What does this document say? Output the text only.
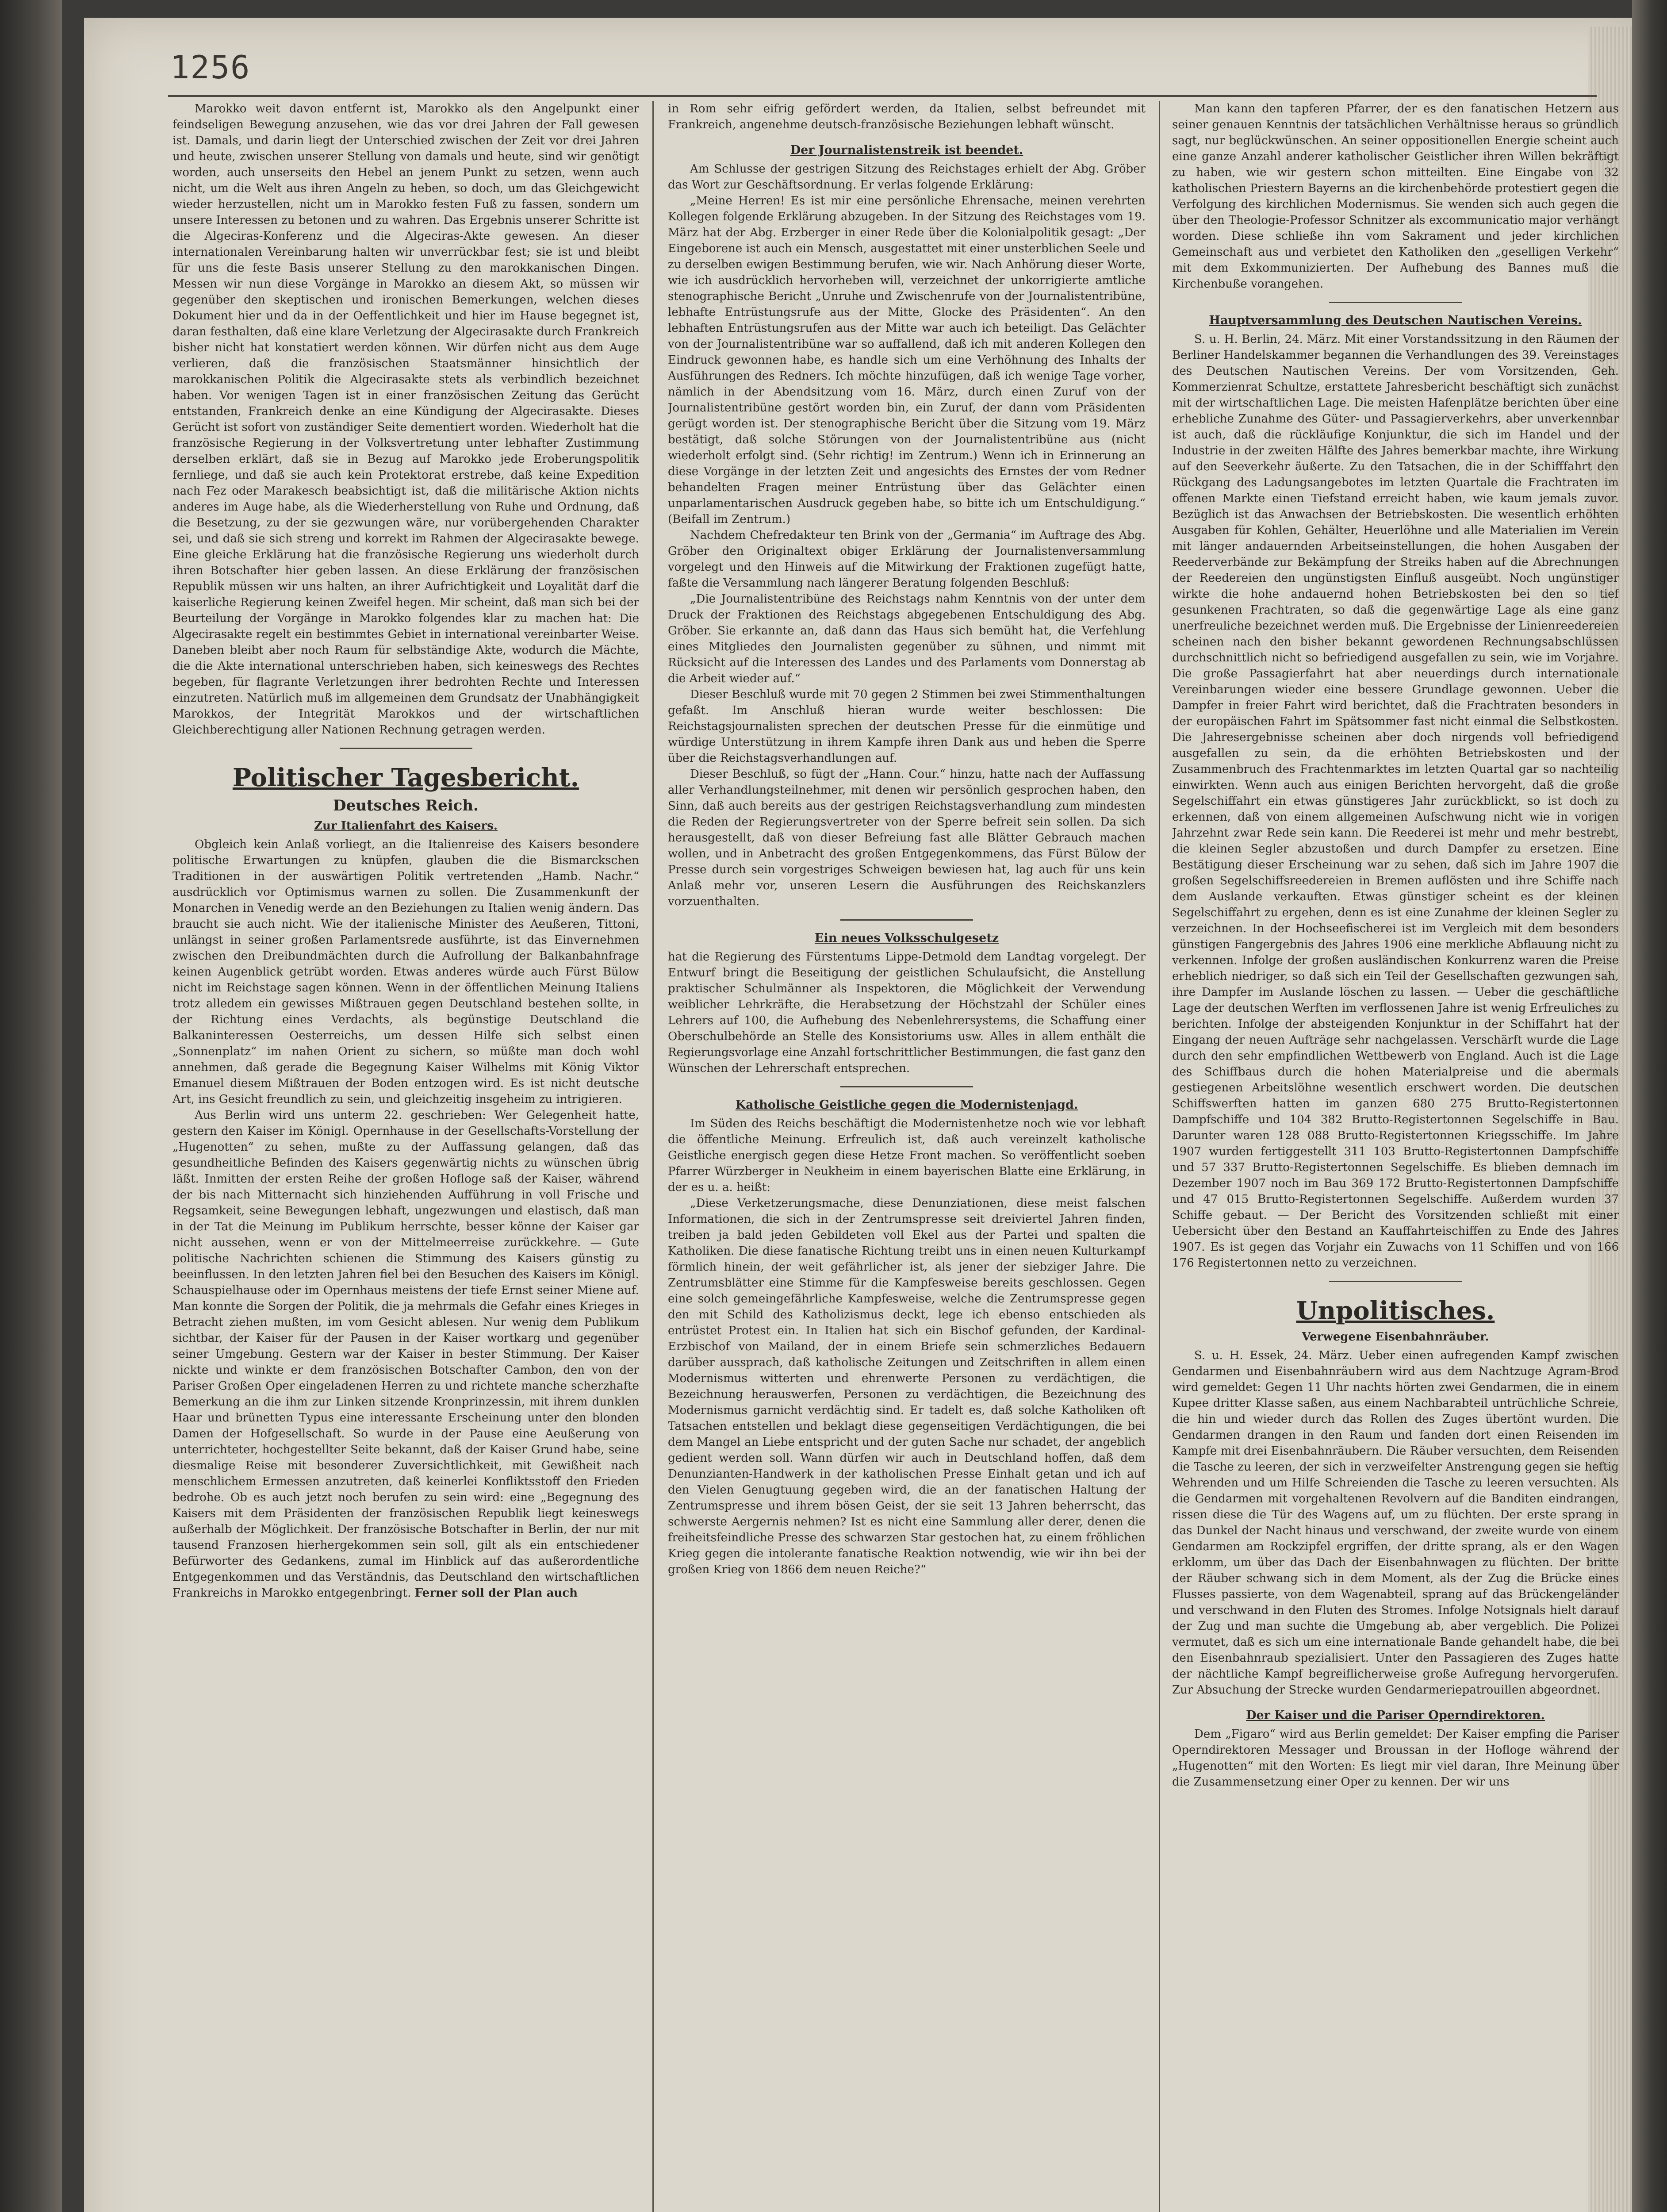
1256

Marokko weit davon entfernt ist, Marokko als den Angelpunkt einer feindseligen Bewegung anzusehen, wie das vor drei Jahren der Fall gewesen ist. Damals, und darin liegt der Unterschied zwischen der Zeit vor drei Jahren und heute, zwischen unserer Stellung von damals und heute, sind wir genötigt worden, auch unserseits den Hebel an jenem Punkt zu setzen, wenn auch nicht, um die Welt aus ihren Angeln zu heben, so doch, um das Gleichgewicht wieder herzustellen, nicht um in Marokko festen Fuß zu fassen, sondern um unsere Interessen zu betonen und zu wahren. Das Ergebnis unserer Schritte ist die Algeciras-Konferenz und die Algeciras-Akte gewesen. An dieser internationalen Vereinbarung halten wir unverrückbar fest; sie ist und bleibt für uns die feste Basis unserer Stellung zu den marokkanischen Dingen. Messen wir nun diese Vorgänge in Marokko an diesem Akt, so müssen wir gegenüber den skeptischen und ironischen Bemerkungen, welchen dieses Dokument hier und da in der Oeffentlichkeit und hier im Hause begegnet ist, daran festhalten, daß eine klare Verletzung der Algecirasakte durch Frankreich bisher nicht hat konstatiert werden können. Wir dürfen nicht aus dem Auge verlieren, daß die französischen Staatsmänner hinsichtlich der marokkanischen Politik die Algecirasakte stets als verbindlich bezeichnet haben. Vor wenigen Tagen ist in einer französischen Zeitung das Gerücht entstanden, Frankreich denke an eine Kündigung der Algecirasakte. Dieses Gerücht ist sofort von zuständiger Seite dementiert worden. Wiederholt hat die französische Regierung in der Volksvertretung unter lebhafter Zustimmung derselben erklärt, daß sie in Bezug auf Marokko jede Eroberungspolitik fernliege, und daß sie auch kein Protektorat erstrebe, daß keine Expedition nach Fez oder Marakesch beabsichtigt ist, daß die militärische Aktion nichts anderes im Auge habe, als die Wiederherstellung von Ruhe und Ordnung, daß die Besetzung, zu der sie gezwungen wäre, nur vorübergehenden Charakter sei, und daß sie sich streng und korrekt im Rahmen der Algecirasakte bewege. Eine gleiche Erklärung hat die französische Regierung uns wiederholt durch ihren Botschafter hier geben lassen. An diese Erklärung der französischen Republik müssen wir uns halten, an ihrer Aufrichtigkeit und Loyalität darf die kaiserliche Regierung keinen Zweifel hegen. Mir scheint, daß man sich bei der Beurteilung der Vorgänge in Marokko folgendes klar zu machen hat: Die Algecirasakte regelt ein bestimmtes Gebiet in international vereinbarter Weise. Daneben bleibt aber noch Raum für selbständige Akte, wodurch die Mächte, die die Akte international unterschrieben haben, sich keineswegs des Rechtes begeben, für flagrante Verletzungen ihrer bedrohten Rechte und Interessen einzutreten. Natürlich muß im allgemeinen dem Grundsatz der Unabhängigkeit Marokkos, der Integrität Marokkos und der wirtschaftlichen Gleichberechtigung aller Nationen Rechnung getragen werden.

Politischer Tagesbericht.
Deutsches Reich.
Zur Italienfahrt des Kaisers.

Obgleich kein Anlaß vorliegt, an die Italienreise des Kaisers besondere politische Erwartungen zu knüpfen, glauben die die Bismarckschen Traditionen in der auswärtigen Politik vertretenden „Hamb. Nachr.“ ausdrücklich vor Optimismus warnen zu sollen. Die Zusammenkunft der Monarchen in Venedig werde an den Beziehungen zu Italien wenig ändern. Das braucht sie auch nicht. Wie der italienische Minister des Aeußeren, Tittoni, unlängst in seiner großen Parlamentsrede ausführte, ist das Einvernehmen zwischen den Dreibundmächten durch die Aufrollung der Balkanbahnfrage keinen Augenblick getrübt worden. Etwas anderes würde auch Fürst Bülow nicht im Reichstage sagen können. Wenn in der öffentlichen Meinung Italiens trotz alledem ein gewisses Mißtrauen gegen Deutschland bestehen sollte, in der Richtung eines Verdachts, als begünstige Deutschland die Balkaninteressen Oesterreichs, um dessen Hilfe sich selbst einen „Sonnenplatz“ im nahen Orient zu sichern, so müßte man doch wohl annehmen, daß gerade die Begegnung Kaiser Wilhelms mit König Viktor Emanuel diesem Mißtrauen der Boden entzogen wird. Es ist nicht deutsche Art, ins Gesicht freundlich zu sein, und gleichzeitig insgeheim zu intrigieren.

Aus Berlin wird uns unterm 22. geschrieben: Wer Gelegenheit hatte, gestern den Kaiser im Königl. Opernhause in der Gesellschafts-Vorstellung der „Hugenotten“ zu sehen, mußte zu der Auffassung gelangen, daß das gesundheitliche Befinden des Kaisers gegenwärtig nichts zu wünschen übrig läßt. Inmitten der ersten Reihe der großen Hofloge saß der Kaiser, während der bis nach Mitternacht sich hinziehenden Aufführung in voll Frische und Regsamkeit, seine Bewegungen lebhaft, ungezwungen und elastisch, daß man in der Tat die Meinung im Publikum herrschte, besser könne der Kaiser gar nicht aussehen, wenn er von der Mittelmeerreise zurückkehre. — Gute politische Nachrichten schienen die Stimmung des Kaisers günstig zu beeinflussen. In den letzten Jahren fiel bei den Besuchen des Kaisers im Königl. Schauspielhause oder im Opernhaus meistens der tiefe Ernst seiner Miene auf. Man konnte die Sorgen der Politik, die ja mehrmals die Gefahr eines Krieges in Betracht ziehen mußten, im vom Gesicht ablesen. Nur wenig dem Publikum sichtbar, der Kaiser für der Pausen in der Kaiser wortkarg und gegenüber seiner Umgebung. Gestern war der Kaiser in bester Stimmung. Der Kaiser nickte und winkte er dem französischen Botschafter Cambon, den von der Pariser Großen Oper eingeladenen Herren zu und richtete manche scherzhafte Bemerkung an die ihm zur Linken sitzende Kronprinzessin, mit ihrem dunklen Haar und brünetten Typus eine interessante Erscheinung unter den blonden Damen der Hofgesellschaft. So wurde in der Pause eine Aeußerung von unterrichteter, hochgestellter Seite bekannt, daß der Kaiser Grund habe, seine diesmalige Reise mit besonderer Zuversichtlichkeit, mit Gewißheit nach menschlichem Ermessen anzutreten, daß keinerlei Konfliktsstoff den Frieden bedrohe. Ob es auch jetzt noch berufen zu sein wird: eine „Begegnung des Kaisers mit dem Präsidenten der französischen Republik liegt keineswegs außerhalb der Möglichkeit. Der französische Botschafter in Berlin, der nur mit tausend Franzosen hierhergekommen sein soll, gilt als ein entschiedener Befürworter des Gedankens, zumal im Hinblick auf das außerordentliche Entgegenkommen und das Verständnis, das Deutschland den wirtschaftlichen Frankreichs in Marokko entgegenbringt. Ferner soll der Plan auch

in Rom sehr eifrig gefördert werden, da Italien, selbst befreundet mit Frankreich, angenehme deutsch-französische Beziehungen lebhaft wünscht.

Der Journalistenstreik ist beendet.

Am Schlusse der gestrigen Sitzung des Reichstages erhielt der Abg. Gröber das Wort zur Geschäftsordnung. Er verlas folgende Erklärung:

„Meine Herren! Es ist mir eine persönliche Ehrensache, meinen verehrten Kollegen folgende Erklärung abzugeben. In der Sitzung des Reichstages vom 19. März hat der Abg. Erzberger in einer Rede über die Kolonialpolitik gesagt: „Der Eingeborene ist auch ein Mensch, ausgestattet mit einer unsterblichen Seele und zu derselben ewigen Bestimmung berufen, wie wir. Nach Anhörung dieser Worte, wie ich ausdrücklich hervorheben will, verzeichnet der unkorrigierte amtliche stenographische Bericht „Unruhe und Zwischenrufe von der Journalistentribüne, lebhafte Entrüstungsrufe aus der Mitte, Glocke des Präsidenten“. An den lebhaften Entrüstungsrufen aus der Mitte war auch ich beteiligt. Das Gelächter von der Journalistentribüne war so auffallend, daß ich mit anderen Kollegen den Eindruck gewonnen habe, es handle sich um eine Verhöhnung des Inhalts der Ausführungen des Redners. Ich möchte hinzufügen, daß ich wenige Tage vorher, nämlich in der Abendsitzung vom 16. März, durch einen Zuruf von der Journalistentribüne gestört worden bin, ein Zuruf, der dann vom Präsidenten gerügt worden ist. Der stenographische Bericht über die Sitzung vom 19. März bestätigt, daß solche Störungen von der Journalistentribüne aus (nicht wiederholt erfolgt sind. (Sehr richtig! im Zentrum.) Wenn ich in Erinnerung an diese Vorgänge in der letzten Zeit und angesichts des Ernstes der vom Redner behandelten Fragen meiner Entrüstung über das Gelächter einen unparlamentarischen Ausdruck gegeben habe, so bitte ich um Entschuldigung.“ (Beifall im Zentrum.)

Nachdem Chefredakteur ten Brink von der „Germania“ im Auftrage des Abg. Gröber den Originaltext obiger Erklärung der Journalistenversammlung vorgelegt und den Hinweis auf die Mitwirkung der Fraktionen zugefügt hatte, faßte die Versammlung nach längerer Beratung folgenden Beschluß:

„Die Journalistentribüne des Reichstags nahm Kenntnis von der unter dem Druck der Fraktionen des Reichstags abgegebenen Entschuldigung des Abg. Gröber. Sie erkannte an, daß dann das Haus sich bemüht hat, die Verfehlung eines Mitgliedes den Journalisten gegenüber zu sühnen, und nimmt mit Rücksicht auf die Interessen des Landes und des Parlaments vom Donnerstag ab die Arbeit wieder auf.“

Dieser Beschluß wurde mit 70 gegen 2 Stimmen bei zwei Stimmenthaltungen gefaßt. Im Anschluß hieran wurde weiter beschlossen: Die Reichstagsjournalisten sprechen der deutschen Presse für die einmütige und würdige Unterstützung in ihrem Kampfe ihren Dank aus und heben die Sperre über die Reichstagsverhandlungen auf.

Dieser Beschluß, so fügt der „Hann. Cour.“ hinzu, hatte nach der Auffassung aller Verhandlungsteilnehmer, mit denen wir persönlich gesprochen haben, den Sinn, daß auch bereits aus der gestrigen Reichstagsverhandlung zum mindesten die Reden der Regierungsvertreter von der Sperre befreit sein sollen. Da sich herausgestellt, daß von dieser Befreiung fast alle Blätter Gebrauch machen wollen, und in Anbetracht des großen Entgegenkommens, das Fürst Bülow der Presse durch sein vorgestriges Schweigen bewiesen hat, lag auch für uns kein Anlaß mehr vor, unseren Lesern die Ausführungen des Reichskanzlers vorzuenthalten.

Ein neues Volksschulgesetz

hat die Regierung des Fürstentums Lippe-Detmold dem Landtag vorgelegt. Der Entwurf bringt die Beseitigung der geistlichen Schulaufsicht, die Anstellung praktischer Schulmänner als Inspektoren, die Möglichkeit der Verwendung weiblicher Lehrkräfte, die Herabsetzung der Höchstzahl der Schüler eines Lehrers auf 100, die Aufhebung des Nebenlehrersystems, die Schaffung einer Oberschulbehörde an Stelle des Konsistoriums usw. Alles in allem enthält die Regierungsvorlage eine Anzahl fortschrittlicher Bestimmungen, die fast ganz den Wünschen der Lehrerschaft entsprechen.

Katholische Geistliche gegen die Modernistenjagd.

Im Süden des Reichs beschäftigt die Modernistenhetze noch wie vor lebhaft die öffentliche Meinung. Erfreulich ist, daß auch vereinzelt katholische Geistliche energisch gegen diese Hetze Front machen. So veröffentlicht soeben Pfarrer Würzberger in Neukheim in einem bayerischen Blatte eine Erklärung, in der es u. a. heißt:

„Diese Verketzerungsmache, diese Denunziationen, diese meist falschen Informationen, die sich in der Zentrumspresse seit dreiviertel Jahren finden, treiben ja bald jeden Gebildeten voll Ekel aus der Partei und spalten die Katholiken. Die diese fanatische Richtung treibt uns in einen neuen Kulturkampf förmlich hinein, der weit gefährlicher ist, als jener der siebziger Jahre. Die Zentrumsblätter eine Stimme für die Kampfesweise bereits geschlossen. Gegen eine solch gemeingefährliche Kampfesweise, welche die Zentrumspresse gegen den mit Schild des Katholizismus deckt, lege ich ebenso entschieden als entrüstet Protest ein. In Italien hat sich ein Bischof gefunden, der Kardinal-Erzbischof von Mailand, der in einem Briefe sein schmerzliches Bedauern darüber aussprach, daß katholische Zeitungen und Zeitschriften in allem einen Modernismus witterten und ehrenwerte Personen zu verdächtigen, die Bezeichnung herauswerfen, Personen zu verdächtigen, die Bezeichnung des Modernismus garnicht verdächtig sind. Er tadelt es, daß solche Katholiken oft Tatsachen entstellen und beklagt diese gegenseitigen Verdächtigungen, die bei dem Mangel an Liebe entspricht und der guten Sache nur schadet, der angeblich gedient werden soll. Wann dürfen wir auch in Deutschland hoffen, daß dem Denunzianten-Handwerk in der katholischen Presse Einhalt getan und ich auf den Vielen Genugtuung gegeben wird, die an der fanatischen Haltung der Zentrumspresse und ihrem bösen Geist, der sie seit 13 Jahren beherrscht, das schwerste Aergernis nehmen? Ist es nicht eine Sammlung aller derer, denen die freiheitsfeindliche Presse des schwarzen Star gestochen hat, zu einem fröhlichen Krieg gegen die intolerante fanatische Reaktion notwendig, wie wir ihn bei der großen Krieg von 1866 dem neuen Reiche?“

Man kann den tapferen Pfarrer, der es den fanatischen Hetzern aus seiner genauen Kenntnis der tatsächlichen Verhältnisse heraus so gründlich sagt, nur beglückwünschen. An seiner oppositionellen Energie scheint auch eine ganze Anzahl anderer katholischer Geistlicher ihren Willen bekräftigt zu haben, wie wir gestern schon mitteilten. Eine Eingabe von 32 katholischen Priestern Bayerns an die kirchenbehörde protestiert gegen die Verfolgung des kirchlichen Modernismus. Sie wenden sich auch gegen die über den Theologie-Professor Schnitzer als excommunicatio major verhängt worden. Diese schließe ihn vom Sakrament und jeder kirchlichen Gemeinschaft aus und verbietet den Katholiken den „geselligen Verkehr“ mit dem Exkommunizierten. Der Aufhebung des Bannes muß die Kirchenbuße vorangehen.

Hauptversammlung des Deutschen Nautischen Vereins.

S. u. H. Berlin, 24. März. Mit einer Vorstandssitzung in den Räumen der Berliner Handelskammer begannen die Verhandlungen des 39. Vereinstages des Deutschen Nautischen Vereins. Der vom Vorsitzenden, Geh. Kommerzienrat Schultze, erstattete Jahresbericht beschäftigt sich zunächst mit der wirtschaftlichen Lage. Die meisten Hafenplätze berichten über eine erhebliche Zunahme des Güter- und Passagierverkehrs, aber unverkennbar ist auch, daß die rückläufige Konjunktur, die sich im Handel und der Industrie in der zweiten Hälfte des Jahres bemerkbar machte, ihre Wirkung auf den Seeverkehr äußerte. Zu den Tatsachen, die in der Schifffahrt den Rückgang des Ladungsangebotes im letzten Quartale die Frachtraten im offenen Markte einen Tiefstand erreicht haben, wie kaum jemals zuvor. Bezüglich ist das Anwachsen der Betriebskosten. Die wesentlich erhöhten Ausgaben für Kohlen, Gehälter, Heuerlöhne und alle Materialien im Verein mit länger andauernden Arbeitseinstellungen, die hohen Ausgaben der Reederverbände zur Bekämpfung der Streiks haben auf die Abrechnungen der Reedereien den ungünstigsten Einfluß ausgeübt. Noch ungünstiger wirkte die hohe andauernd hohen Betriebskosten bei den so tief gesunkenen Frachtraten, so daß die gegenwärtige Lage als eine ganz unerfreuliche bezeichnet werden muß. Die Ergebnisse der Linienreedereien scheinen nach den bisher bekannt gewordenen Rechnungsabschlüssen durchschnittlich nicht so befriedigend ausgefallen zu sein, wie im Vorjahre. Die große Passagierfahrt hat aber neuerdings durch internationale Vereinbarungen wieder eine bessere Grundlage gewonnen. Ueber die Dampfer in freier Fahrt wird berichtet, daß die Frachtraten besonders in der europäischen Fahrt im Spätsommer fast nicht einmal die Selbstkosten. Die Jahresergebnisse scheinen aber doch nirgends voll befriedigend ausgefallen zu sein, da die erhöhten Betriebskosten und der Zusammenbruch des Frachtenmarktes im letzten Quartal gar so nachteilig einwirkten. Wenn auch aus einigen Berichten hervorgeht, daß die große Segelschiffahrt ein etwas günstigeres Jahr zurückblickt, so ist doch zu erkennen, daß von einem allgemeinen Aufschwung nicht wie in vorigen Jahrzehnt zwar Rede sein kann. Die Reederei ist mehr und mehr bestrebt, die kleinen Segler abzustoßen und durch Dampfer zu ersetzen. Eine Bestätigung dieser Erscheinung war zu sehen, daß sich im Jahre 1907 die großen Segelschiffsreedereien in Bremen auflösten und ihre Schiffe nach dem Auslande verkauften. Etwas günstiger scheint es der kleinen Segelschiffahrt zu ergehen, denn es ist eine Zunahme der kleinen Segler zu verzeichnen. In der Hochseefischerei ist im Vergleich mit dem besonders günstigen Fangergebnis des Jahres 1906 eine merkliche Abflauung nicht zu verkennen. Infolge der großen ausländischen Konkurrenz waren die Preise erheblich niedriger, so daß sich ein Teil der Gesellschaften gezwungen sah, ihre Dampfer im Auslande löschen zu lassen. — Ueber die geschäftliche Lage der deutschen Werften im verflossenen Jahre ist wenig Erfreuliches zu berichten. Infolge der absteigenden Konjunktur in der Schiffahrt hat der Eingang der neuen Aufträge sehr nachgelassen. Verschärft wurde die Lage durch den sehr empfindlichen Wettbewerb von England. Auch ist die Lage des Schiffbaus durch die hohen Materialpreise und die abermals gestiegenen Arbeitslöhne wesentlich erschwert worden. Die deutschen Schiffswerften hatten im ganzen 680 275 Brutto-Registertonnen Dampfschiffe und 104 382 Brutto-Registertonnen Segelschiffe in Bau. Darunter waren 128 088 Brutto-Registertonnen Kriegsschiffe. Im Jahre 1907 wurden fertiggestellt 311 103 Brutto-Registertonnen Dampfschiffe und 57 337 Brutto-Registertonnen Segelschiffe. Es blieben demnach im Dezember 1907 noch im Bau 369 172 Brutto-Registertonnen Dampfschiffe und 47 015 Brutto-Registertonnen Segelschiffe. Außerdem wurden 37 Schiffe gebaut. — Der Bericht des Vorsitzenden schließt mit einer Uebersicht über den Bestand an Kauffahrteischiffen zu Ende des Jahres 1907. Es ist gegen das Vorjahr ein Zuwachs von 11 Schiffen und von 166 176 Registertonnen netto zu verzeichnen.

Unpolitisches.
Verwegene Eisenbahnräuber.

S. u. H. Essek, 24. März. Ueber einen aufregenden Kampf zwischen Gendarmen und Eisenbahnräubern wird aus dem Nachtzuge Agram-Brod wird gemeldet: Gegen 11 Uhr nachts hörten zwei Gendarmen, die in einem Kupee dritter Klasse saßen, aus einem Nachbarabteil untrüchliche Schreie, die hin und wieder durch das Rollen des Zuges übertönt wurden. Die Gendarmen drangen in den Raum und fanden dort einen Reisenden im Kampfe mit drei Eisenbahnräubern. Die Räuber versuchten, dem Reisenden die Tasche zu leeren, der sich in verzweifelter Anstrengung gegen sie heftig Wehrenden und um Hilfe Schreienden die Tasche zu leeren versuchten. Als die Gendarmen mit vorgehaltenen Revolvern auf die Banditen eindrangen, rissen diese die Tür des Wagens auf, um zu flüchten. Der erste sprang in das Dunkel der Nacht hinaus und verschwand, der zweite wurde von einem Gendarmen am Rockzipfel ergriffen, der dritte sprang, als er den Wagen erklomm, um über das Dach der Eisenbahnwagen zu flüchten. Der britte der Räuber schwang sich in dem Moment, als der Zug die Brücke eines Flusses passierte, von dem Wagenabteil, sprang auf das Brückengeländer und verschwand in den Fluten des Stromes. Infolge Notsignals hielt darauf der Zug und man suchte die Umgebung ab, aber vergeblich. Die Polizei vermutet, daß es sich um eine internationale Bande gehandelt habe, die bei den Eisenbahnraub spezialisiert. Unter den Passagieren des Zuges hatte der nächtliche Kampf begreiflicherweise große Aufregung hervorgerufen. Zur Absuchung der Strecke wurden Gendarmeriepatrouillen abgeordnet.

Der Kaiser und die Pariser Operndirektoren.

Dem „Figaro“ wird aus Berlin gemeldet: Der Kaiser empfing die Pariser Operndirektoren Messager und Broussan in der Hofloge während der „Hugenotten“ mit den Worten: Es liegt mir viel daran, Ihre Meinung über die Zusammensetzung einer Oper zu kennen. Der wir uns
